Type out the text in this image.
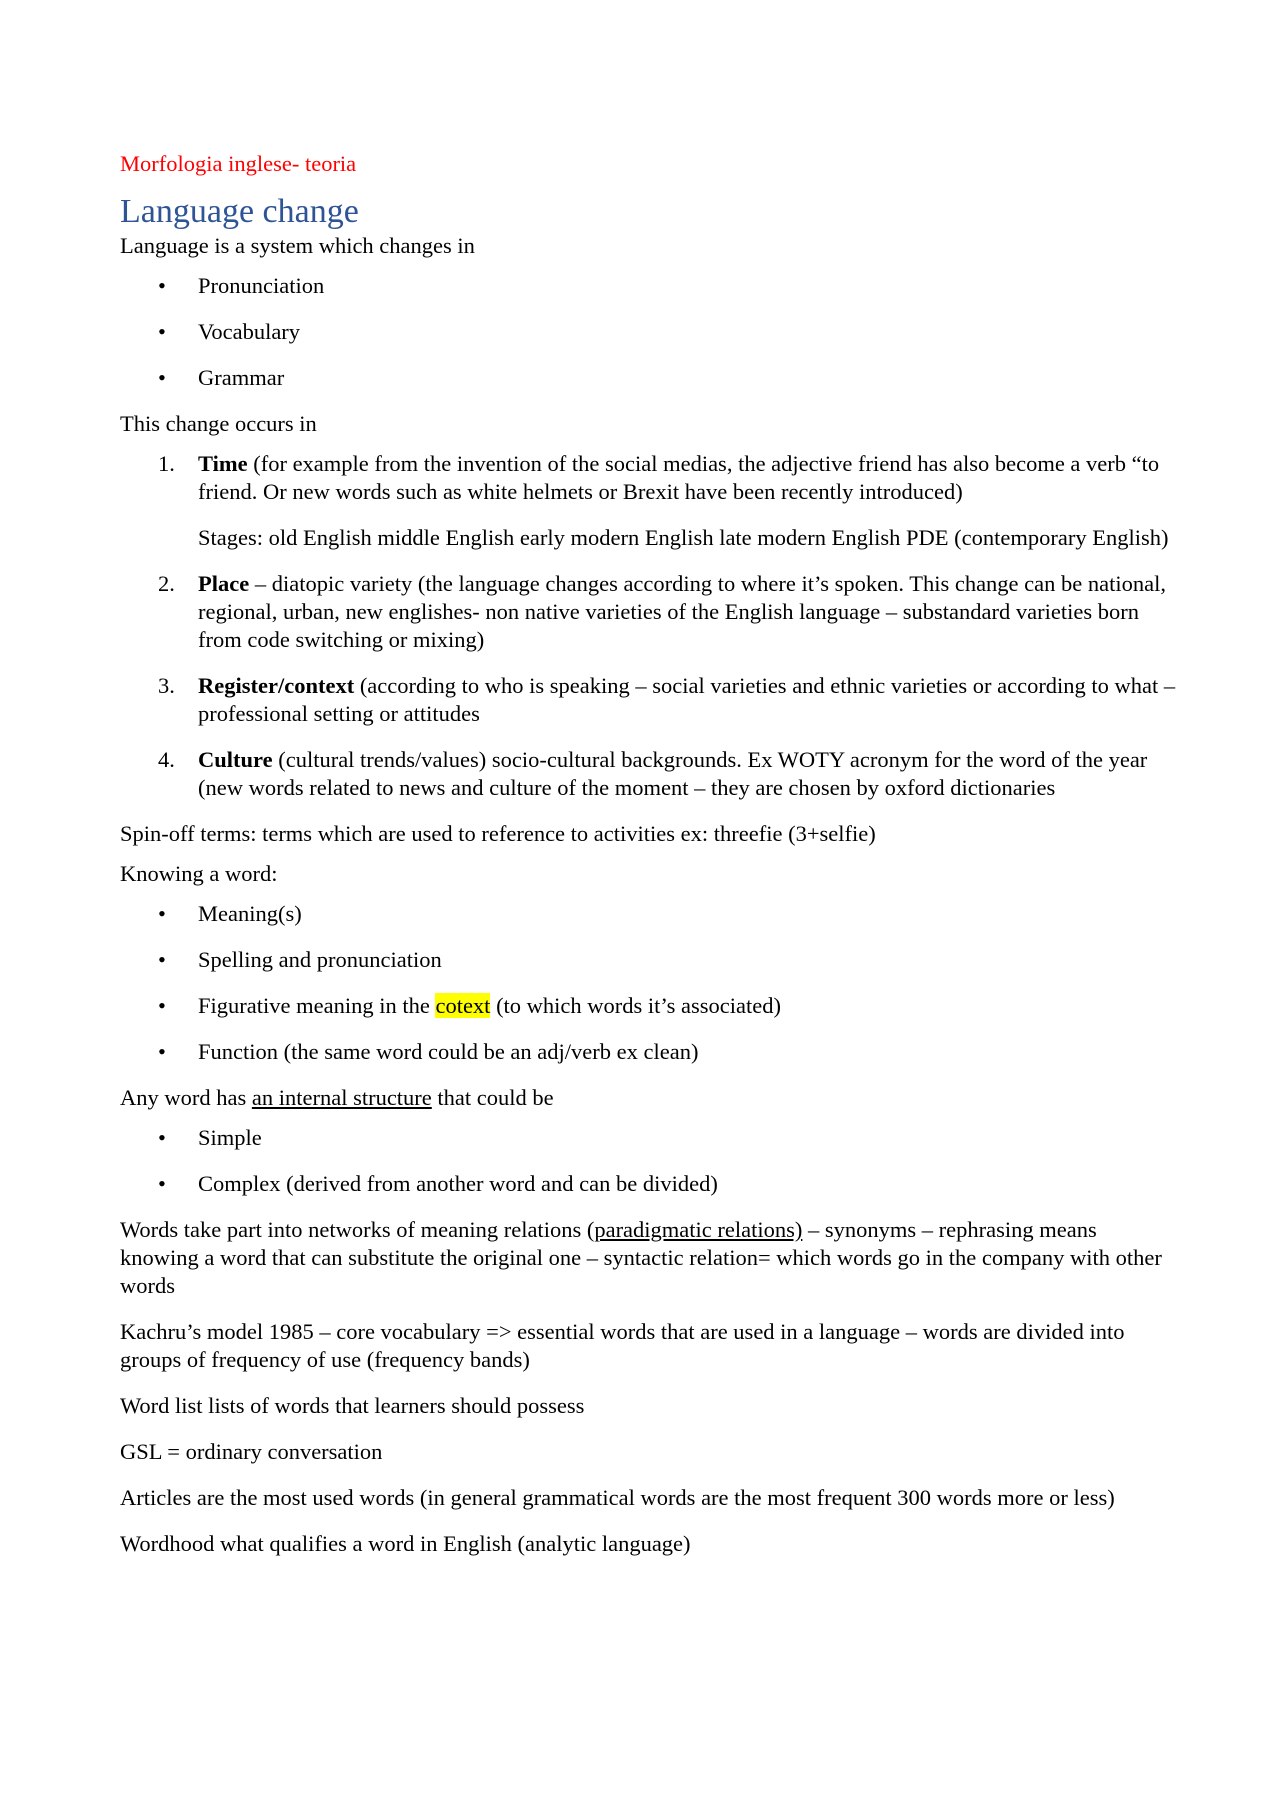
Morfologia inglese- teoria

Language change

Language is a system which changes in

• Pronunciation
• Vocabulary
• Grammar

This change occurs in

1. Time (for example from the invention of the social medias, the adjective friend has also become a verb “to friend. Or new words such as white helmets or Brexit have been recently introduced)
Stages: old English middle English early modern English late modern English PDE (contemporary English)
2. Place – diatopic variety (the language changes according to where it’s spoken. This change can be national, regional, urban, new englishes- non native varieties of the English language – substandard varieties born from code switching or mixing)
3. Register/context (according to who is speaking – social varieties and ethnic varieties or according to what – professional setting or attitudes
4. Culture (cultural trends/values) socio-cultural backgrounds. Ex WOTY acronym for the word of the year (new words related to news and culture of the moment – they are chosen by oxford dictionaries

Spin-off terms: terms which are used to reference to activities ex: threefie (3+selfie)

Knowing a word:

• Meaning(s)
• Spelling and pronunciation
• Figurative meaning in the cotext (to which words it’s associated)
• Function (the same word could be an adj/verb ex clean)

Any word has an internal structure that could be

• Simple
• Complex (derived from another word and can be divided)

Words take part into networks of meaning relations (paradigmatic relations) – synonyms – rephrasing means knowing a word that can substitute the original one – syntactic relation= which words go in the company with other words

Kachru’s model 1985 – core vocabulary => essential words that are used in a language – words are divided into groups of frequency of use (frequency bands)

Word list lists of words that learners should possess

GSL = ordinary conversation

Articles are the most used words (in general grammatical words are the most frequent 300 words more or less)

Wordhood what qualifies a word in English (analytic language)
